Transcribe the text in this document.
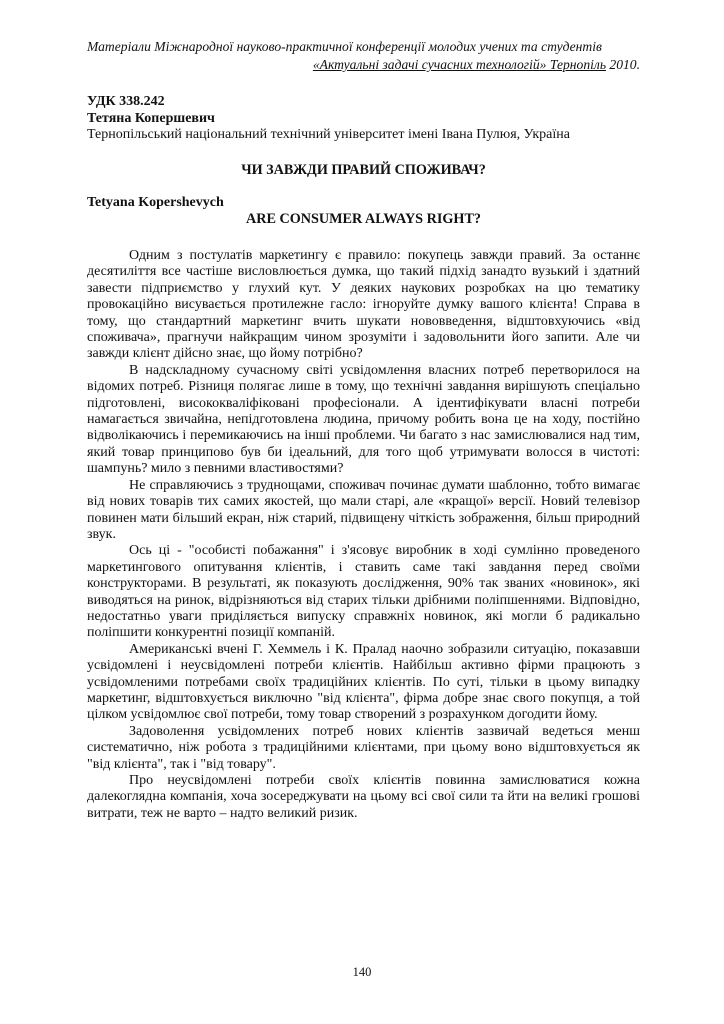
Матеріали Міжнародної науково-практичної конференції молодих учених та студентів
«Актуальні задачі сучасних технологій» Тернопіль 2010.
УДК 338.242
Тетяна Копершевич
Тернопільський національний технічний університет імені Івана Пулюя, Україна
ЧИ ЗАВЖДИ ПРАВИЙ СПОЖИВАЧ?
Tetyana Kopershevych
ARE CONSUMER ALWAYS RIGHT?

Одним з постулатів маркетингу є правило: покупець завжди правий. За останнє десятиліття все частіше висловлюється думка, що такий підхід занадто вузький і здатний завести підприємство у глухий кут. У деяких наукових розробках на цю тематику провокаційно висувається протилежне гасло: ігноруйте думку вашого клієнта! Справа в тому, що стандартний маркетинг вчить шукати нововведення, відштовхуючись «від споживача», прагнучи найкращим чином зрозуміти і задовольнити його запити. Але чи завжди клієнт дійсно знає, що йому потрібно?

В надскладному сучасному світі усвідомлення власних потреб перетворилося на відомих потреб. Різниця полягає лише в тому, що технічні завдання вирішують спеціально підготовлені, висококваліфіковані професіонали. А ідентифікувати власні потреби намагається звичайна, непідготовлена людина, причому робить вона це на ходу, постійно відволікаючись і перемикаючись на інші проблеми. Чи багато з нас замислювалися над тим, який товар принципово був би ідеальний, для того щоб утримувати волосся в чистоті: шампунь? мило з певними властивостями?

Не справляючись з труднощами, споживач починає думати шаблонно, тобто вимагає від нових товарів тих самих якостей, що мали старі, але «кращої» версії. Новий телевізор повинен мати більший екран, ніж старий, підвищену чіткість зображення, більш природний звук.

Ось ці - "особисті побажання" і з'ясовує виробник в ході сумлінно проведеного маркетингового опитування клієнтів, і ставить саме такі завдання перед своїми конструкторами. В результаті, як показують дослідження, 90% так званих «новинок», які виводяться на ринок, відрізняються від старих тільки дрібними поліпшеннями. Відповідно, недостатньо уваги приділяється випуску справжніх новинок, які могли б радикально поліпшити конкурентні позиції компаній.

Американські вчені Г. Хеммель і К. Пралад наочно зобразили ситуацію, показавши усвідомлені і неусвідомлені потреби клієнтів. Найбільш активно фірми працюють з усвідомленими потребами своїх традиційних клієнтів. По суті, тільки в цьому випадку маркетинг, відштовхується виключно "від клієнта", фірма добре знає свого покупця, а той цілком усвідомлює свої потреби, тому товар створений з розрахунком догодити йому.

Задоволення усвідомлених потреб нових клієнтів зазвичай ведеться менш систематично, ніж робота з традиційними клієнтами, при цьому воно відштовхується як "від клієнта", так і "від товару".

Про неусвідомлені потреби своїх клієнтів повинна замислюватися кожна далекоглядна компанія, хоча зосереджувати на цьому всі свої сили та йти на великі грошові витрати, теж не варто – надто великий ризик.

140
